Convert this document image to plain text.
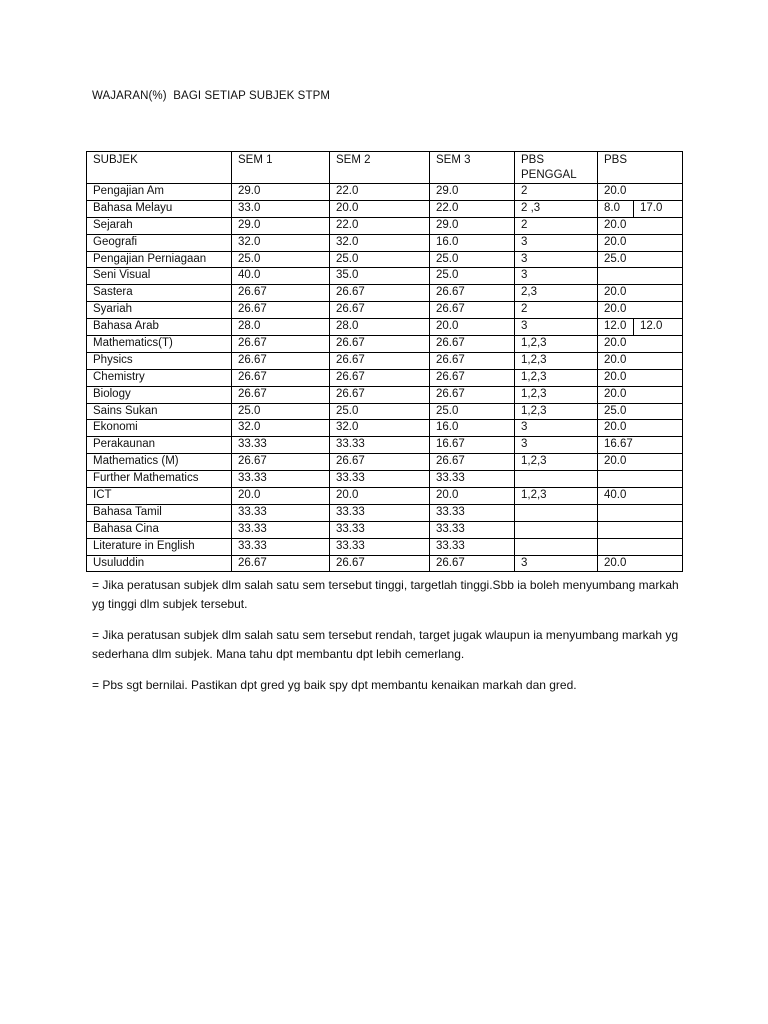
WAJARAN(%)  BAGI SETIAP SUBJEK STPM
SUBJEK	SEM 1	SEM 2	SEM 3	PBS PENGGAL	PBS	
Pengajian Am	29.0	22.0	29.0	2	20.0	
Bahasa Melayu	33.0	20.0	22.0	2 ,3	8.0	17.0
Sejarah	29.0	22.0	29.0	2	20.0	
Geografi	32.0	32.0	16.0	3	20.0	
Pengajian Perniagaan	25.0	25.0	25.0	3	25.0	
Seni Visual	40.0	35.0	25.0	3		
Sastera	26.67	26.67	26.67	2,3	20.0	
Syariah	26.67	26.67	26.67	2	20.0	
Bahasa Arab	28.0	28.0	20.0	3	12.0	12.0
Mathematics(T)	26.67	26.67	26.67	1,2,3	20.0	
Physics	26.67	26.67	26.67	1,2,3	20.0	
Chemistry	26.67	26.67	26.67	1,2,3	20.0	
Biology	26.67	26.67	26.67	1,2,3	20.0	
Sains Sukan	25.0	25.0	25.0	1,2,3	25.0	
Ekonomi	32.0	32.0	16.0	3	20.0	
Perakaunan	33.33	33.33	16.67	3	16.67	
Mathematics (M)	26.67	26.67	26.67	1,2,3	20.0	
Further Mathematics	33.33	33.33	33.33			
ICT	20.0	20.0	20.0	1,2,3	40.0	
Bahasa Tamil	33.33	33.33	33.33			
Bahasa Cina	33.33	33.33	33.33			
Literature in English	33.33	33.33	33.33			
Usuluddin	26.67	26.67	26.67	3	20.0	

= Jika peratusan subjek dlm salah satu sem tersebut tinggi, targetlah tinggi.Sbb ia boleh menyumbang markah yg tinggi dlm subjek tersebut.

= Jika peratusan subjek dlm salah satu sem tersebut rendah, target jugak wlaupun ia menyumbang markah yg sederhana dlm subjek. Mana tahu dpt membantu dpt lebih cemerlang.

= Pbs sgt bernilai. Pastikan dpt gred yg baik spy dpt membantu kenaikan markah dan gred.
